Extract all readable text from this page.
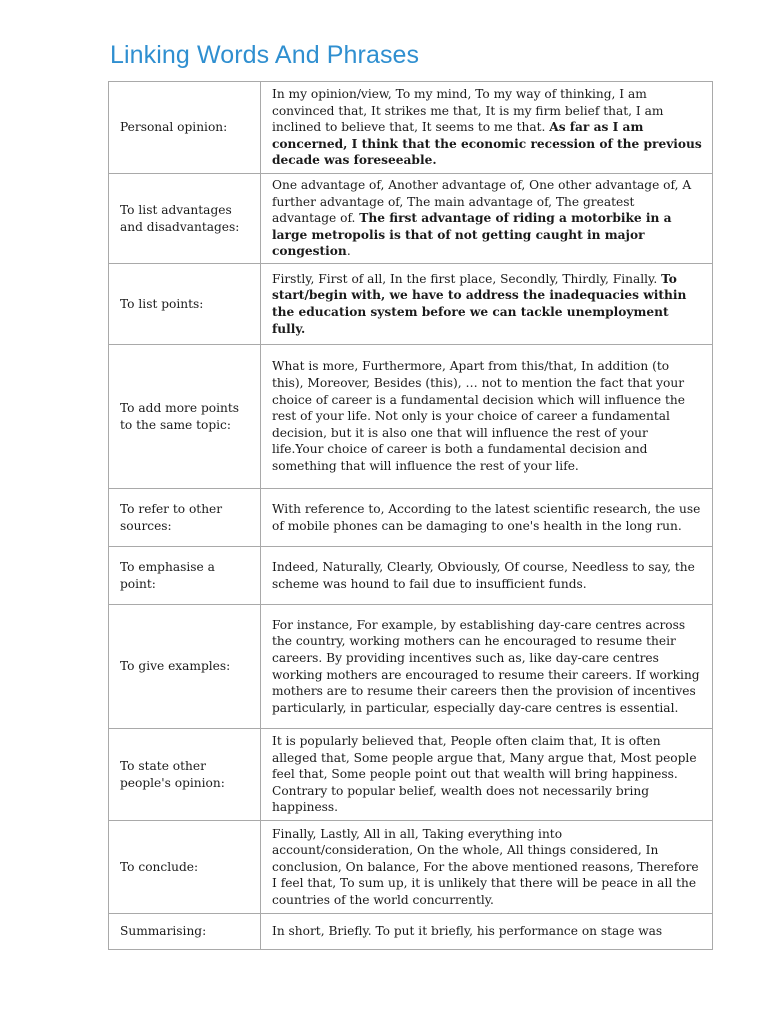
Linking Words And Phrases
Personal opinion:	In my opinion/view, To my mind, To my way of thinking, I am convinced that, It strikes me that, It is my firm belief that, I am inclined to believe that, It seems to me that. As far as I am concerned, I think that the economic recession of the previous decade was foreseeable.

To list advantages and disadvantages:	One advantage of, Another advantage of, One other advantage of, A further advantage of, The main advantage of, The greatest advantage of. The first advantage of riding a motorbike in a large metropolis is that of not getting caught in major congestion.

To list points:	Firstly, First of all, In the first place, Secondly, Thirdly, Finally. To start/begin with, we have to address the inadequacies within the education system before we can tackle unemployment fully.

To add more points to the same topic:	What is more, Furthermore, Apart from this/that, In addition (to this), Moreover, Besides (this), … not to mention the fact that your choice of career is a fundamental decision which will influence the rest of your life. Not only is your choice of career a fundamental decision, but it is also one that will influence the rest of your life.Your choice of career is both a fundamental decision and something that will influence the rest of your life.

To refer to other sources:	With reference to, According to the latest scientific research, the use of mobile phones can be damaging to one's health in the long run.

To emphasise a point:	Indeed, Naturally, Clearly, Obviously, Of course, Needless to say, the scheme was hound to fail due to insufficient funds.

To give examples:	For instance, For example, by establishing day-care centres across the country, working mothers can he encouraged to resume their careers. By providing incentives such as, like day-care centres working mothers are encouraged to resume their careers. If working mothers are to resume their careers then the provision of incentives particularly, in particular, especially day-care centres is essential.

To state other people's opinion:	It is popularly believed that, People often claim that, It is often alleged that, Some people argue that, Many argue that, Most people feel that, Some people point out that wealth will bring happiness. Contrary to popular belief, wealth does not necessarily bring happiness.

To conclude:	Finally, Lastly, All in all, Taking everything into account/consideration, On the whole, All things considered, In conclusion, On balance, For the above mentioned reasons, Therefore I feel that, To sum up, it is unlikely that there will be peace in all the countries of the world concurrently.

Summarising:	In short, Briefly. To put it briefly, his performance on stage was
